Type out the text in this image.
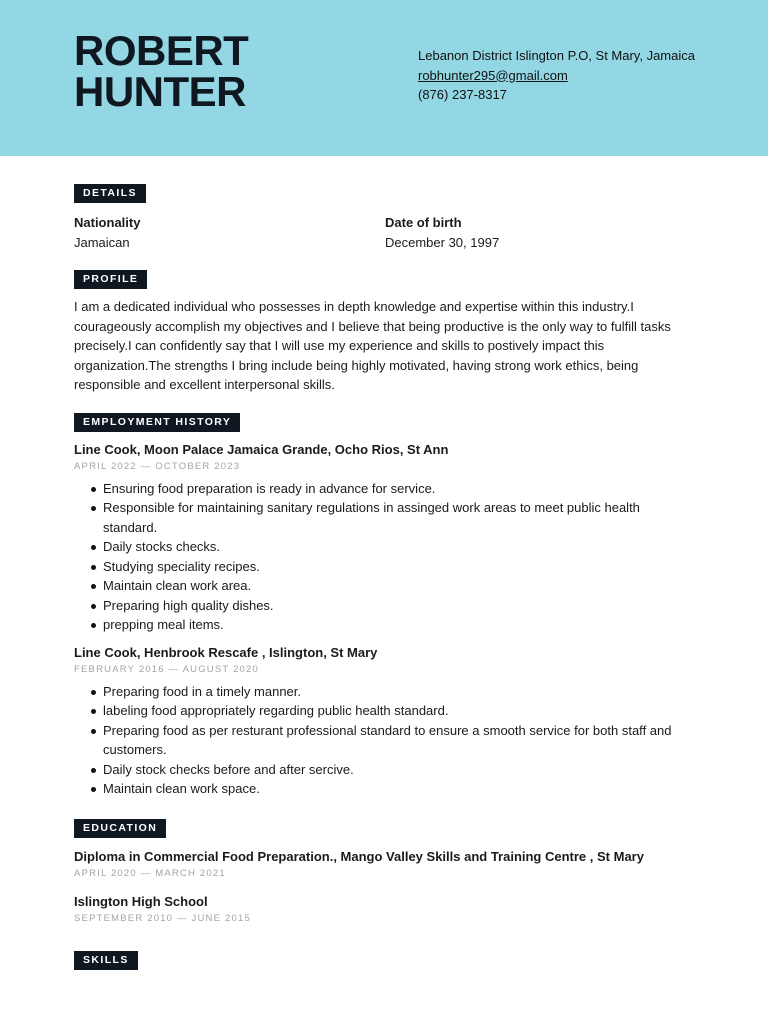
ROBERT
HUNTER
Lebanon District Islington P.O, St Mary, Jamaica
robhunter295@gmail.com
(876) 237-8317
DETAILS
Nationality
Jamaican
Date of birth
December 30, 1997
PROFILE

I am a dedicated individual who possesses in depth knowledge and expertise within this industry.I courageously accomplish my objectives and I believe that being productive is the only way to fulfill tasks precisely.I can confidently say that I will use my experience and skills to postively impact this organization.The strengths I bring include being highly motivated, having strong work ethics, being responsible and excellent interpersonal skills.

EMPLOYMENT HISTORY
Line Cook, Moon Palace Jamaica Grande, Ocho Rios, St Ann
APRIL 2022 — OCTOBER 2023
Ensuring food preparation is ready in advance for service.
Responsible for maintaining sanitary regulations in assinged work areas to meet public health standard.
Daily stocks checks.
Studying speciality recipes.
Maintain clean work area.
Preparing high quality dishes.
prepping meal items.
Line Cook, Henbrook Rescafe , Islington, St Mary
FEBRUARY 2016 — AUGUST 2020
Preparing food in a timely manner.
labeling food appropriately regarding public health standard.
Preparing food as per resturant professional standard to ensure a smooth service for both staff and customers.
Daily stock checks before and after sercive.
Maintain clean work space.
EDUCATION
Diploma in Commercial Food Preparation., Mango Valley Skills and Training Centre , St Mary
APRIL 2020 — MARCH 2021
Islington High School
SEPTEMBER 2010 — JUNE 2015
SKILLS
